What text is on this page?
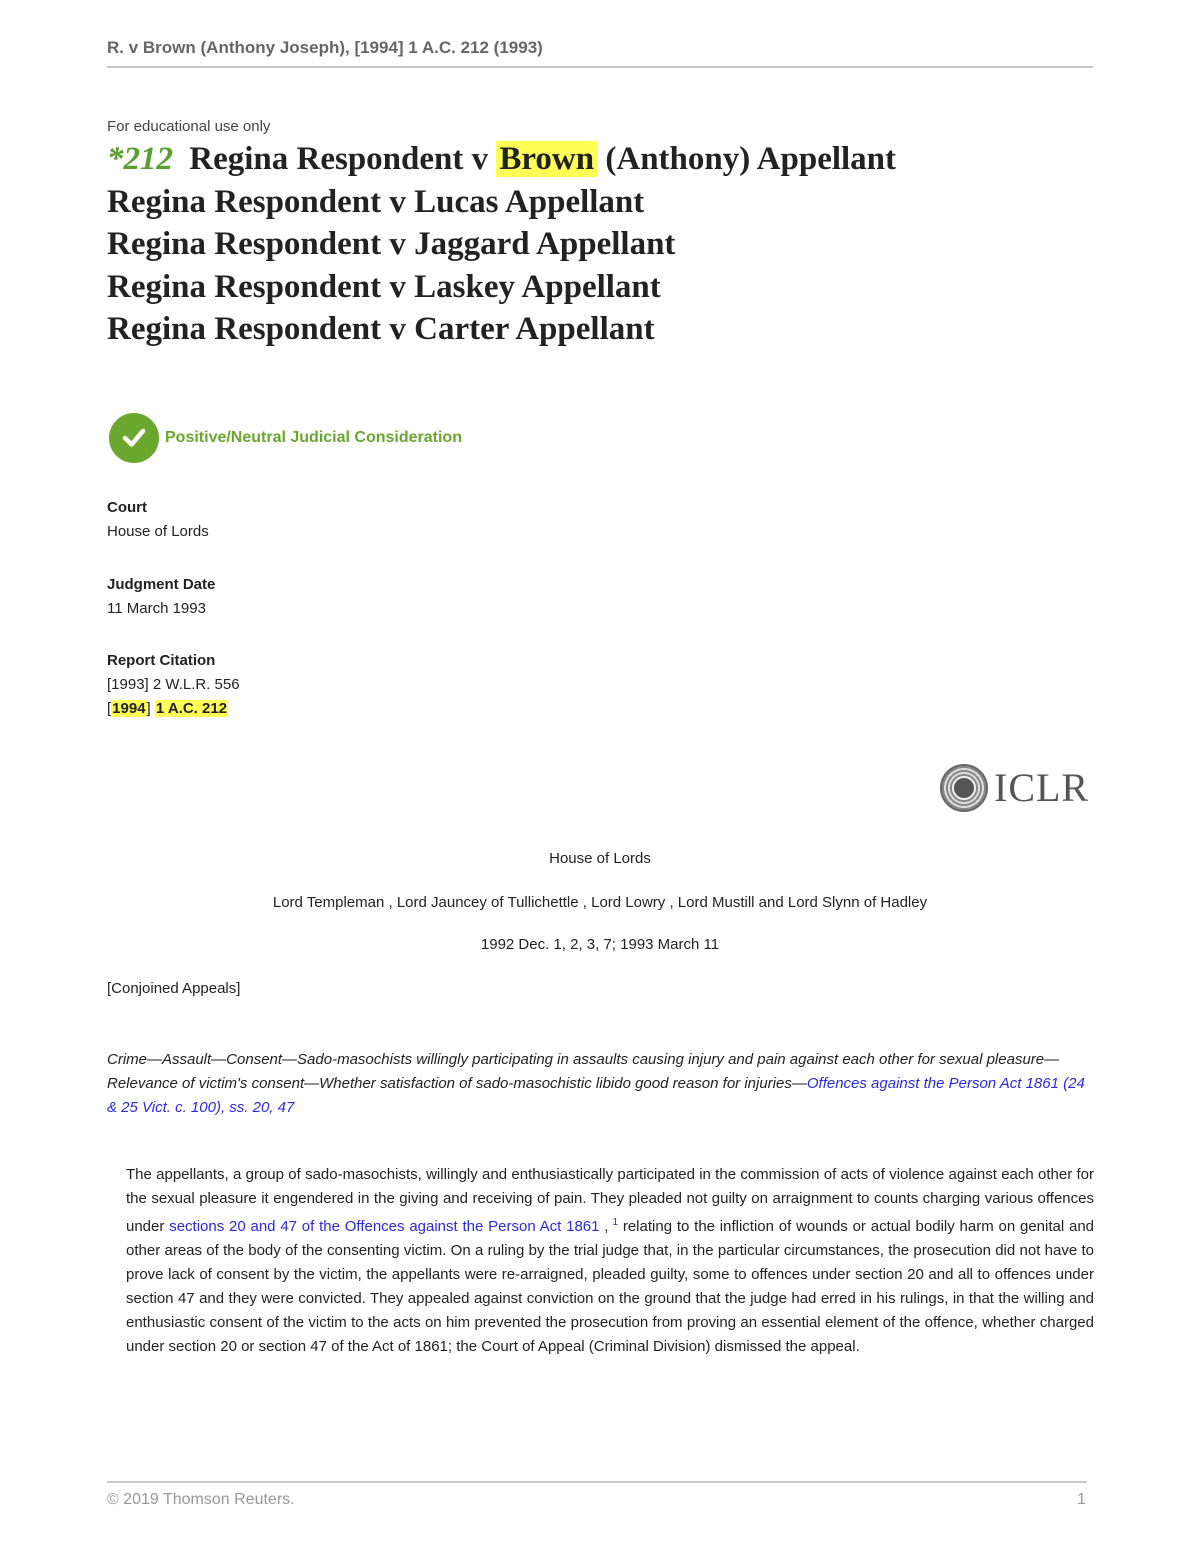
R. v Brown (Anthony Joseph), [1994] 1 A.C. 212 (1993)
For educational use only
*212 Regina Respondent v Brown (Anthony) Appellant
Regina Respondent v Lucas Appellant
Regina Respondent v Jaggard Appellant
Regina Respondent v Laskey Appellant
Regina Respondent v Carter Appellant
Positive/Neutral Judicial Consideration
Court
House of Lords
Judgment Date
11 March 1993
Report Citation
[1993] 2 W.L.R. 556
[1994] 1 A.C. 212
ICLR
House of Lords
Lord Templeman , Lord Jauncey of Tullichettle , Lord Lowry , Lord Mustill and Lord Slynn of Hadley
1992 Dec. 1, 2, 3, 7; 1993 March 11
[Conjoined Appeals]
Crime—Assault—Consent—Sado-masochists willingly participating in assaults causing injury and pain against each other for sexual pleasure—Relevance of victim's consent—Whether satisfaction of sado-masochistic libido good reason for injuries—Offences against the Person Act 1861 (24 & 25 Vict. c. 100), ss. 20, 47
The appellants, a group of sado-masochists, willingly and enthusiastically participated in the commission of acts of violence against each other for the sexual pleasure it engendered in the giving and receiving of pain. They pleaded not guilty on arraignment to counts charging various offences under sections 20 and 47 of the Offences against the Person Act 1861 , $^1$ relating to the infliction of wounds or actual bodily harm on genital and other areas of the body of the consenting victim. On a ruling by the trial judge that, in the particular circumstances, the prosecution did not have to prove lack of consent by the victim, the appellants were re-arraigned, pleaded guilty, some to offences under section 20 and all to offences under section 47 and they were convicted. They appealed against conviction on the ground that the judge had erred in his rulings, in that the willing and enthusiastic consent of the victim to the acts on him prevented the prosecution from proving an essential element of the offence, whether charged under section 20 or section 47 of the Act of 1861; the Court of Appeal (Criminal Division) dismissed the appeal.
© 2019 Thomson Reuters.	1
